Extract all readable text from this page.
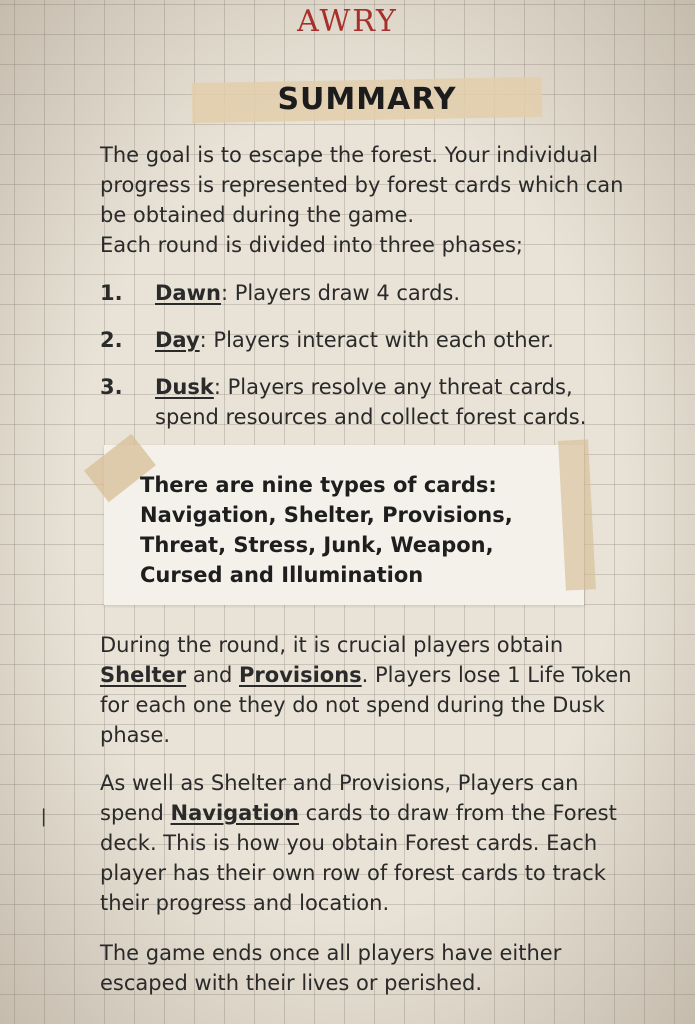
AWRY
SUMMARY
The goal is to escape the forest. Your individual progress is represented by forest cards which can be obtained during the game.
Each round is divided into three phases;
1. Dawn: Players draw 4 cards.
2. Day: Players interact with each other.
3. Dusk: Players resolve any threat cards, spend resources and collect forest cards.
There are nine types of cards: Navigation, Shelter, Provisions, Threat, Stress, Junk, Weapon, Cursed and Illumination
During the round, it is crucial players obtain Shelter and Provisions. Players lose 1 Life Token for each one they do not spend during the Dusk phase.
As well as Shelter and Provisions, Players can spend Navigation cards to draw from the Forest deck. This is how you obtain Forest cards. Each player has their own row of forest cards to track their progress and location.
The game ends once all players have either escaped with their lives or perished.
❘
